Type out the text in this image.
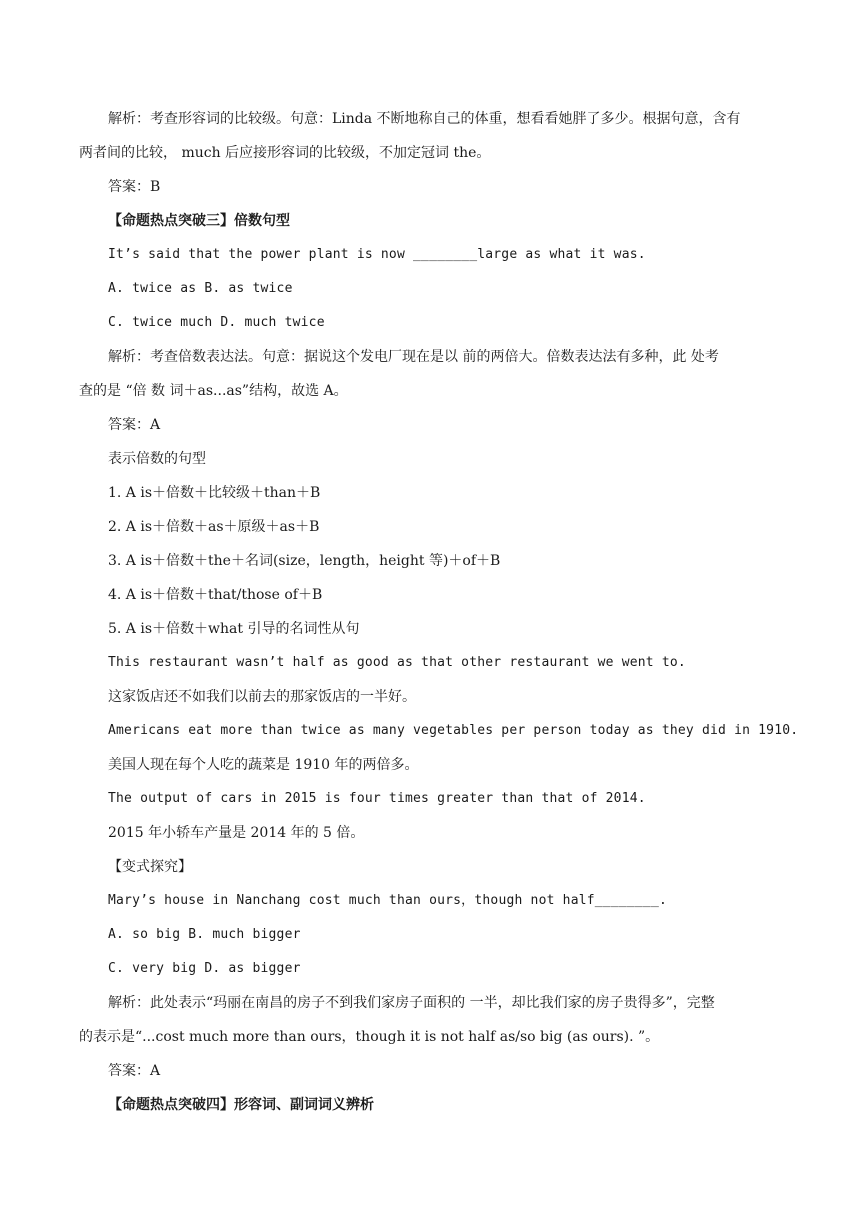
解析：考查形容词的比较级。句意：Linda 不断地称自己的体重，想看看她胖了多少。根据句意，含有
两者间的比较， much 后应接形容词的比较级，不加定冠词 the。
答案：B
【命题热点突破三】倍数句型
It’s said that the power plant is now ________large as what it was.
A. twice as B. as twice
C. twice much D. much twice
解析：考查倍数表达法。句意：据说这个发电厂现在是以 前的两倍大。倍数表达法有多种，此 处考
查的是 “倍 数 词＋as...as”结构，故选 A。
答案：A
表示倍数的句型
1. A is＋倍数＋比较级＋than＋B
2. A is＋倍数＋as＋原级＋as＋B
3. A is＋倍数＋the＋名词(size，length，height 等)＋of＋B
4. A is＋倍数＋that/those of＋B
5. A is＋倍数＋what 引导的名词性从句
This restaurant wasn’t half as good as that other restaurant we went to.
这家饭店还不如我们以前去的那家饭店的一半好。
Americans eat more than twice as many vegetables per person today as they did in 1910.
美国人现在每个人吃的蔬菜是 1910 年的两倍多。
The output of cars in 2015 is four times greater than that of 2014.
2015 年小轿车产量是 2014 年的 5 倍。
【变式探究】
Mary’s house in Nanchang cost much than ours，though not half________.
A. so big B. much bigger
C. very big D. as bigger
解析：此处表示“玛丽在南昌的房子不到我们家房子面积的 一半，却比我们家的房子贵得多”，完整
的表示是“...cost much more than ours，though it is not half as/so big (as ours). ”。
答案：A
【命题热点突破四】形容词、副词词义辨析
